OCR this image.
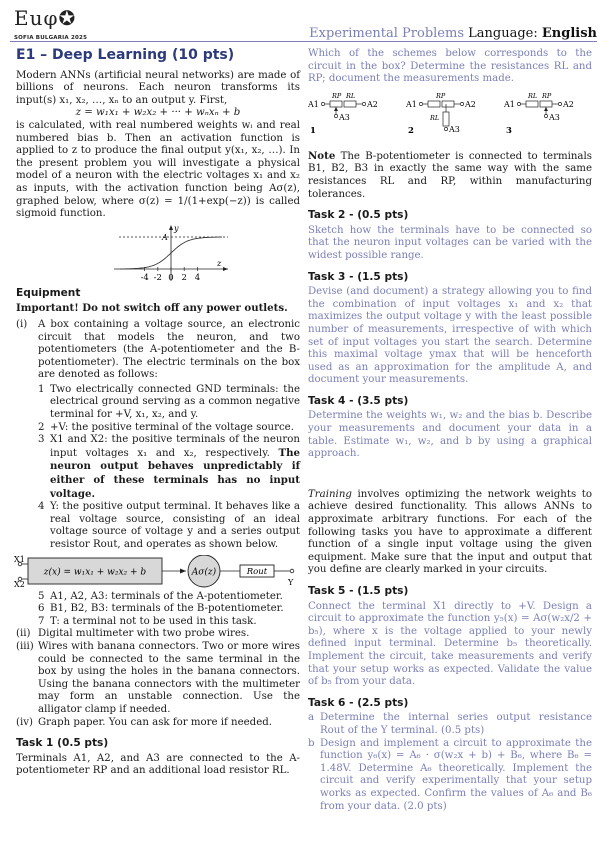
Εuφ✪
SOFIA BULGARIA 2025	Experimental Problems Language: English
E1 – Deep Learning (10 pts)

Modern ANNs (artificial neural networks) are made of billions of neurons. Each neuron transforms its input(s) x₁, x₂, …, xₙ to an output y. First,

z = w₁x₁ + w₂x₂ + ··· + wₙxₙ + b

is calculated, with real numbered weights wᵢ and real numbered bias b. Then an activation function is applied to z to produce the final output y(x₁, x₂, …). In the present problem you will investigate a physical model of a neuron with the electric voltages x₁ and x₂ as inputs, with the activation function being Aσ(z), graphed below, where σ(z) = 1/(1+exp(−z)) is called sigmoid function.

-4 -2 0 2 4
z
y
A
Equipment
Important! Do not switch off any power outlets.
(i) A box containing a voltage source, an electronic circuit that models the neuron, and two potentiometers (the A-potentiometer and the B-potentiometer). The electric terminals on the box are denoted as follows:

1 Two electrically connected GND terminals: the electrical ground serving as a common negative terminal for +V, x₁, x₂, and y.

2 +V: the positive terminal of the voltage source.

3 X1 and X2: the positive terminals of the neuron input voltages x₁ and x₂, respectively. The neuron output behaves unpredictably if either of these terminals has no input voltage.

4 Y: the positive output terminal. It behaves like a real voltage source, consisting of an ideal voltage source of voltage y and a series output resistor Rout, and operates as shown below.

X1
X2
z(x) = w₁x₁ + w₂x₂ + b	Aσ(z)	Rout
Y
5 A1, A2, A3: terminals of the A-potentiometer.

6 B1, B2, B3: terminals of the B-potentiometer.

7 T: a terminal not to be used in this task.

(ii) Digital multimeter with two probe wires.

(iii) Wires with banana connectors. Two or more wires could be connected to the same terminal in the box by using the holes in the banana connectors. Using the banana connectors with the multimeter may form an unstable connection. Use the alligator clamp if needed.

(iv) Graph paper. You can ask for more if needed.

Task 1 (0.5 pts)

Terminals A1, A2, and A3 are connected to the A-potentiometer RP and an additional load resistor RL.

Which of the schemes below corresponds to the circuit in the box? Determine the resistances RL and RP; document the measurements made.

A1	A2
RP RL
A3
1
A1	A2
RP
RL
A3
2
A1	A2
RL RP
A3
3

Note The B-potentiometer is connected to terminals B1, B2, B3 in exactly the same way with the same resistances RL and RP, within manufacturing tolerances.

Task 2 - (0.5 pts)

Sketch how the terminals have to be connected so that the neuron input voltages can be varied with the widest possible range.

Task 3 - (1.5 pts)

Devise (and document) a strategy allowing you to find the combination of input voltages x₁ and x₂ that maximizes the output voltage y with the least possible number of measurements, irrespective of with which set of input voltages you start the search. Determine this maximal voltage ymax that will be henceforth used as an approximation for the amplitude A, and document your measurements.

Task 4 - (3.5 pts)

Determine the weights w₁, w₂ and the bias b. Describe your measurements and document your data in a table. Estimate w₁, w₂, and b by using a graphical approach.

Training involves optimizing the network weights to achieve desired functionality. This allows ANNs to approximate arbitrary functions. For each of the following tasks you have to approximate a different function of a single input voltage using the given equipment. Make sure that the input and output that you define are clearly marked in your circuits.

Task 5 - (1.5 pts)

Connect the terminal X1 directly to +V. Design a circuit to approximate the function y₅(x) = Aσ(w₂x/2 + b₅), where x is the voltage applied to your newly defined input terminal. Determine b₅ theoretically. Implement the circuit, take measurements and verify that your setup works as expected. Validate the value of b₅ from your data.

Task 6 - (2.5 pts)
a Determine the internal series output resistance Rout of the Y terminal. (0.5 pts)

b Design and implement a circuit to approximate the function y₆(x) = A₆ · σ(w₂x + b) + B₆, where B₆ = 1.48V. Determine A₆ theoretically. Implement the circuit and verify experimentally that your setup works as expected. Confirm the values of A₆ and B₆ from your data. (2.0 pts)
